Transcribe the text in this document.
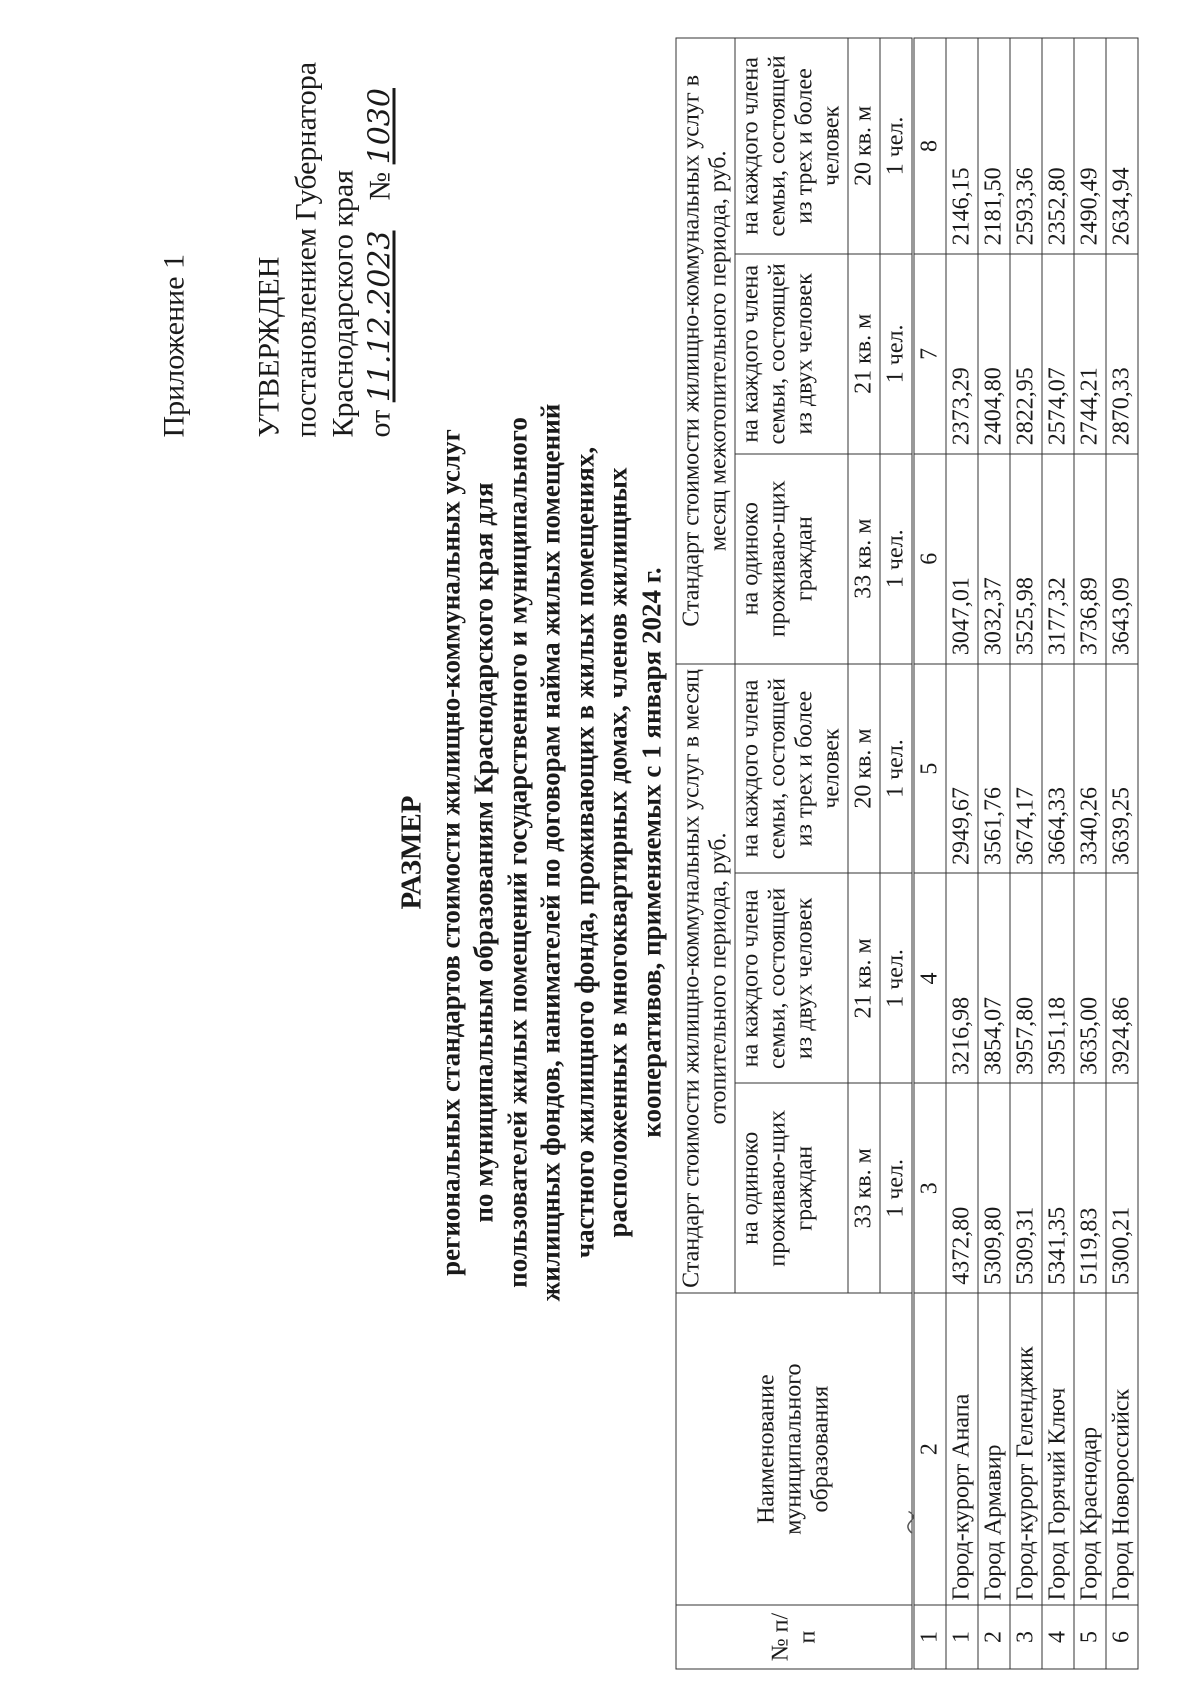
Приложение 1 УТВЕРЖДЕН постановлением Губернатора Краснодарского края от 11.12.2023    № 1030
РАЗМЕР региональных стандартов стоимости жилищно-коммунальных услуг по муниципальным образованиям Краснодарского края для пользователей жилых помещений государственного и муниципального жилищных фондов, нанимателей по договорам найма жилых помещений частного жилищного фонда, проживающих в жилых помещениях, расположенных в многоквартирных домах, членов жилищных кооперативов, применяемых с 1 января 2024 г.
№ п/п	Наименование муниципального образования	Стандарт стоимости жилищно-коммунальных услуг в месяц отопительного периода, руб.			Стандарт стоимости жилищно-коммунальных услуг в месяц межотопительного периода, руб.		
		на одиноко проживаю-щих граждан	на каждого члена семьи, состоящей из двух человек	на каждого члена семьи, состоящей из трех и более человек	на одиноко проживаю-щих граждан	на каждого члена семьи, состоящей из двух человек	на каждого члена семьи, состоящей из трех и более человек
		33 кв. м	21 кв. м	20 кв. м	33 кв. м	21 кв. м	20 кв. м
		1 чел.	1 чел.	1 чел.	1 чел.	1 чел.	1 чел.
1	2	3	4	5	6	7	8
1	Город-курорт Анапа	4372,80	3216,98	2949,67	3047,01	2373,29	2146,15
2	Город Армавир	5309,80	3854,07	3561,76	3032,37	2404,80	2181,50
3	Город-курорт Геленджик	5309,31	3957,80	3674,17	3525,98	2822,95	2593,36
4	Город Горячий Ключ	5341,35	3951,18	3664,33	3177,32	2574,07	2352,80
5	Город Краснодар	5119,83	3635,00	3340,26	3736,89	2744,21	2490,49
6	Город Новороссийск	5300,21	3924,86	3639,25	3643,09	2870,33	2634,94
